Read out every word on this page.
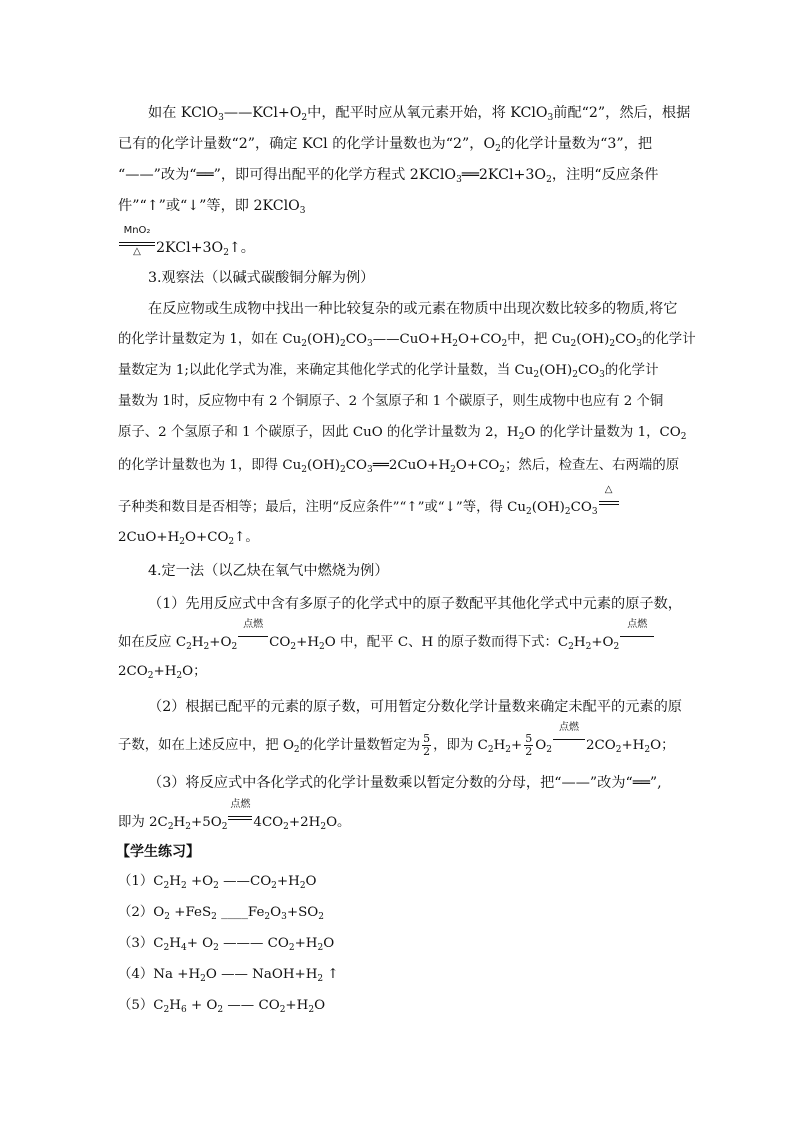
如在 $KClO_3——KCl+O_2$中，配平时应从氧元素开始，将 KClO$_3$前配“2”，然后，根据
已有的化学计量数“2”，确定 KCl 的化学计量数也为“2”，$O_2$的化学计量数为“3”，把
“——”改为“══”，即可得出配平的化学方程式 $2KClO_3══2KCl+3O_2$，注明“反应条件
件”“↑”或“↓”等，即 2KClO$_3$
MnO₂
△	$2KCl+3O_2↑$。
3.观察法（以碱式碳酸铜分解为例）
在反应物或生成物中找出一种比较复杂的或元素在物质中出现次数比较多的物质,将它
的化学计量数定为 1，如在 $Cu_2(OH)_2CO_3——CuO+H_2O+CO_2$中，把 $Cu_2(OH)_2CO_3$的化学计
量数定为 1;以此化学式为准，来确定其他化学式的化学计量数，当 $Cu_2(OH)_2CO_3$的化学计
量数为 1时，反应物中有 2 个铜原子、2 个氢原子和 1 个碳原子，则生成物中也应有 2 个铜
原子、2 个氢原子和 1 个碳原子，因此 CuO 的化学计量数为 2，$H_2O$ 的化学计量数为 1，$CO_2$
的化学计量数也为 1，即得 $Cu_2(OH)_2CO_3══2CuO+H_2O+CO_2$；然后，检查左、右两端的原
子种类和数目是否相等；最后，注明“反应条件”“↑”或“↓”等，得 $Cu_2(OH)_2CO_3$
△
$2CuO+H_2O+CO_2↑$。
4.定一法（以乙炔在氧气中燃烧为例）
（1）先用反应式中含有多原子的化学式中的原子数配平其他化学式中元素的原子数，
如在反应 $C_2H_2+O_2$
点燃
$CO_2+H_2O$ 中，配平 C、H 的原子数而得下式：$C_2H_2+O_2$
点燃
$2CO_2+H_2O$；
（2）根据已配平的元素的原子数，可用暂定分数化学计量数来确定未配平的元素的原
子数，如在上述反应中，把 $O_2$的化学计量数暂定为 $\frac{5}{2}$ ，即为 $C_2H_2+ \frac{5}{2} O_2$
点燃
$2CO_2+H_2O$；
（3）将反应式中各化学式的化学计量数乘以暂定分数的分母，把“——”改为“══”,
即为 $2C_2H_2+5O_2$
点燃
$4CO_2+2H_2O$。
【学生练习】
$(1)C_2H_2 +O_2$ $——CO_2+H_2O$
$(2)O_2 +FeS_2$ $\_\_\_\_Fe_2O_3+SO_2$
$(3)C_2H_4+ O_2$ ——— $CO_2+H_2O$
$(4)Na +H_2O$ —— $NaOH+H_2$ ↑
$(5)C_2H_6 + O_2$ —— $CO_2+H_2O$
